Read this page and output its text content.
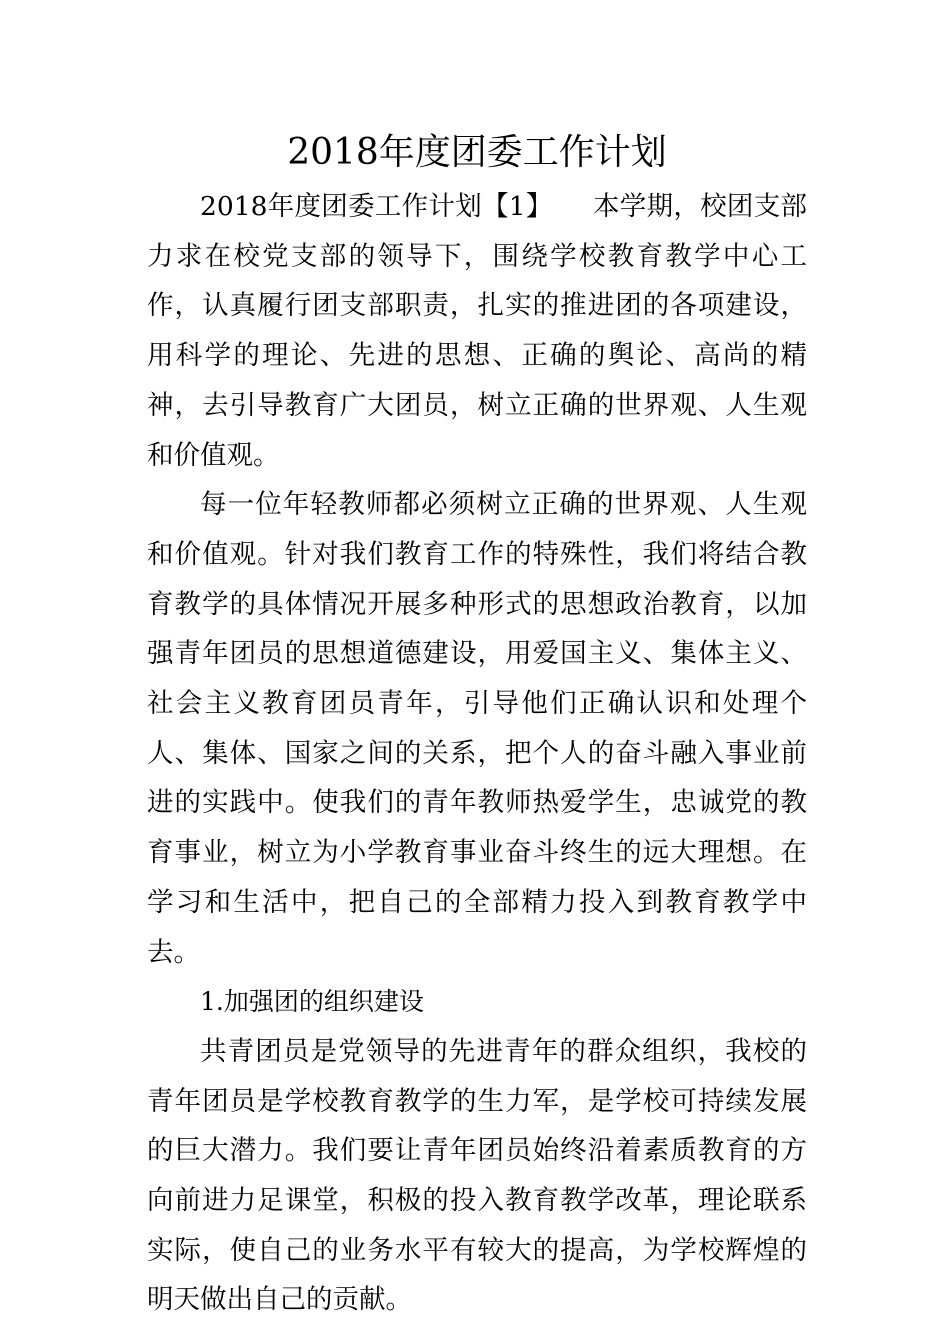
2018年度团委工作计划

2018年度团委工作计划【1】 本学期，校团支部力求在校党支部的领导下，围绕学校教育教学中心工作，认真履行团支部职责，扎实的推进团的各项建设，用科学的理论、先进的思想、正确的舆论、高尚的精神，去引导教育广大团员，树立正确的世界观、人生观和价值观。

每一位年轻教师都必须树立正确的世界观、人生观和价值观。针对我们教育工作的特殊性，我们将结合教育教学的具体情况开展多种形式的思想政治教育，以加强青年团员的思想道德建设，用爱国主义、集体主义、社会主义教育团员青年，引导他们正确认识和处理个人、集体、国家之间的关系，把个人的奋斗融入事业前进的实践中。使我们的青年教师热爱学生，忠诚党的教育事业，树立为小学教育事业奋斗终生的远大理想。在学习和生活中，把自己的全部精力投入到教育教学中去。

1.加强团的组织建设

共青团员是党领导的先进青年的群众组织，我校的青年团员是学校教育教学的生力军，是学校可持续发展的巨大潜力。我们要让青年团员始终沿着素质教育的方向前进力足课堂，积极的投入教育教学改革，理论联系实际，使自己的业务水平有较大的提高，为学校辉煌的明天做出自己的贡献。
